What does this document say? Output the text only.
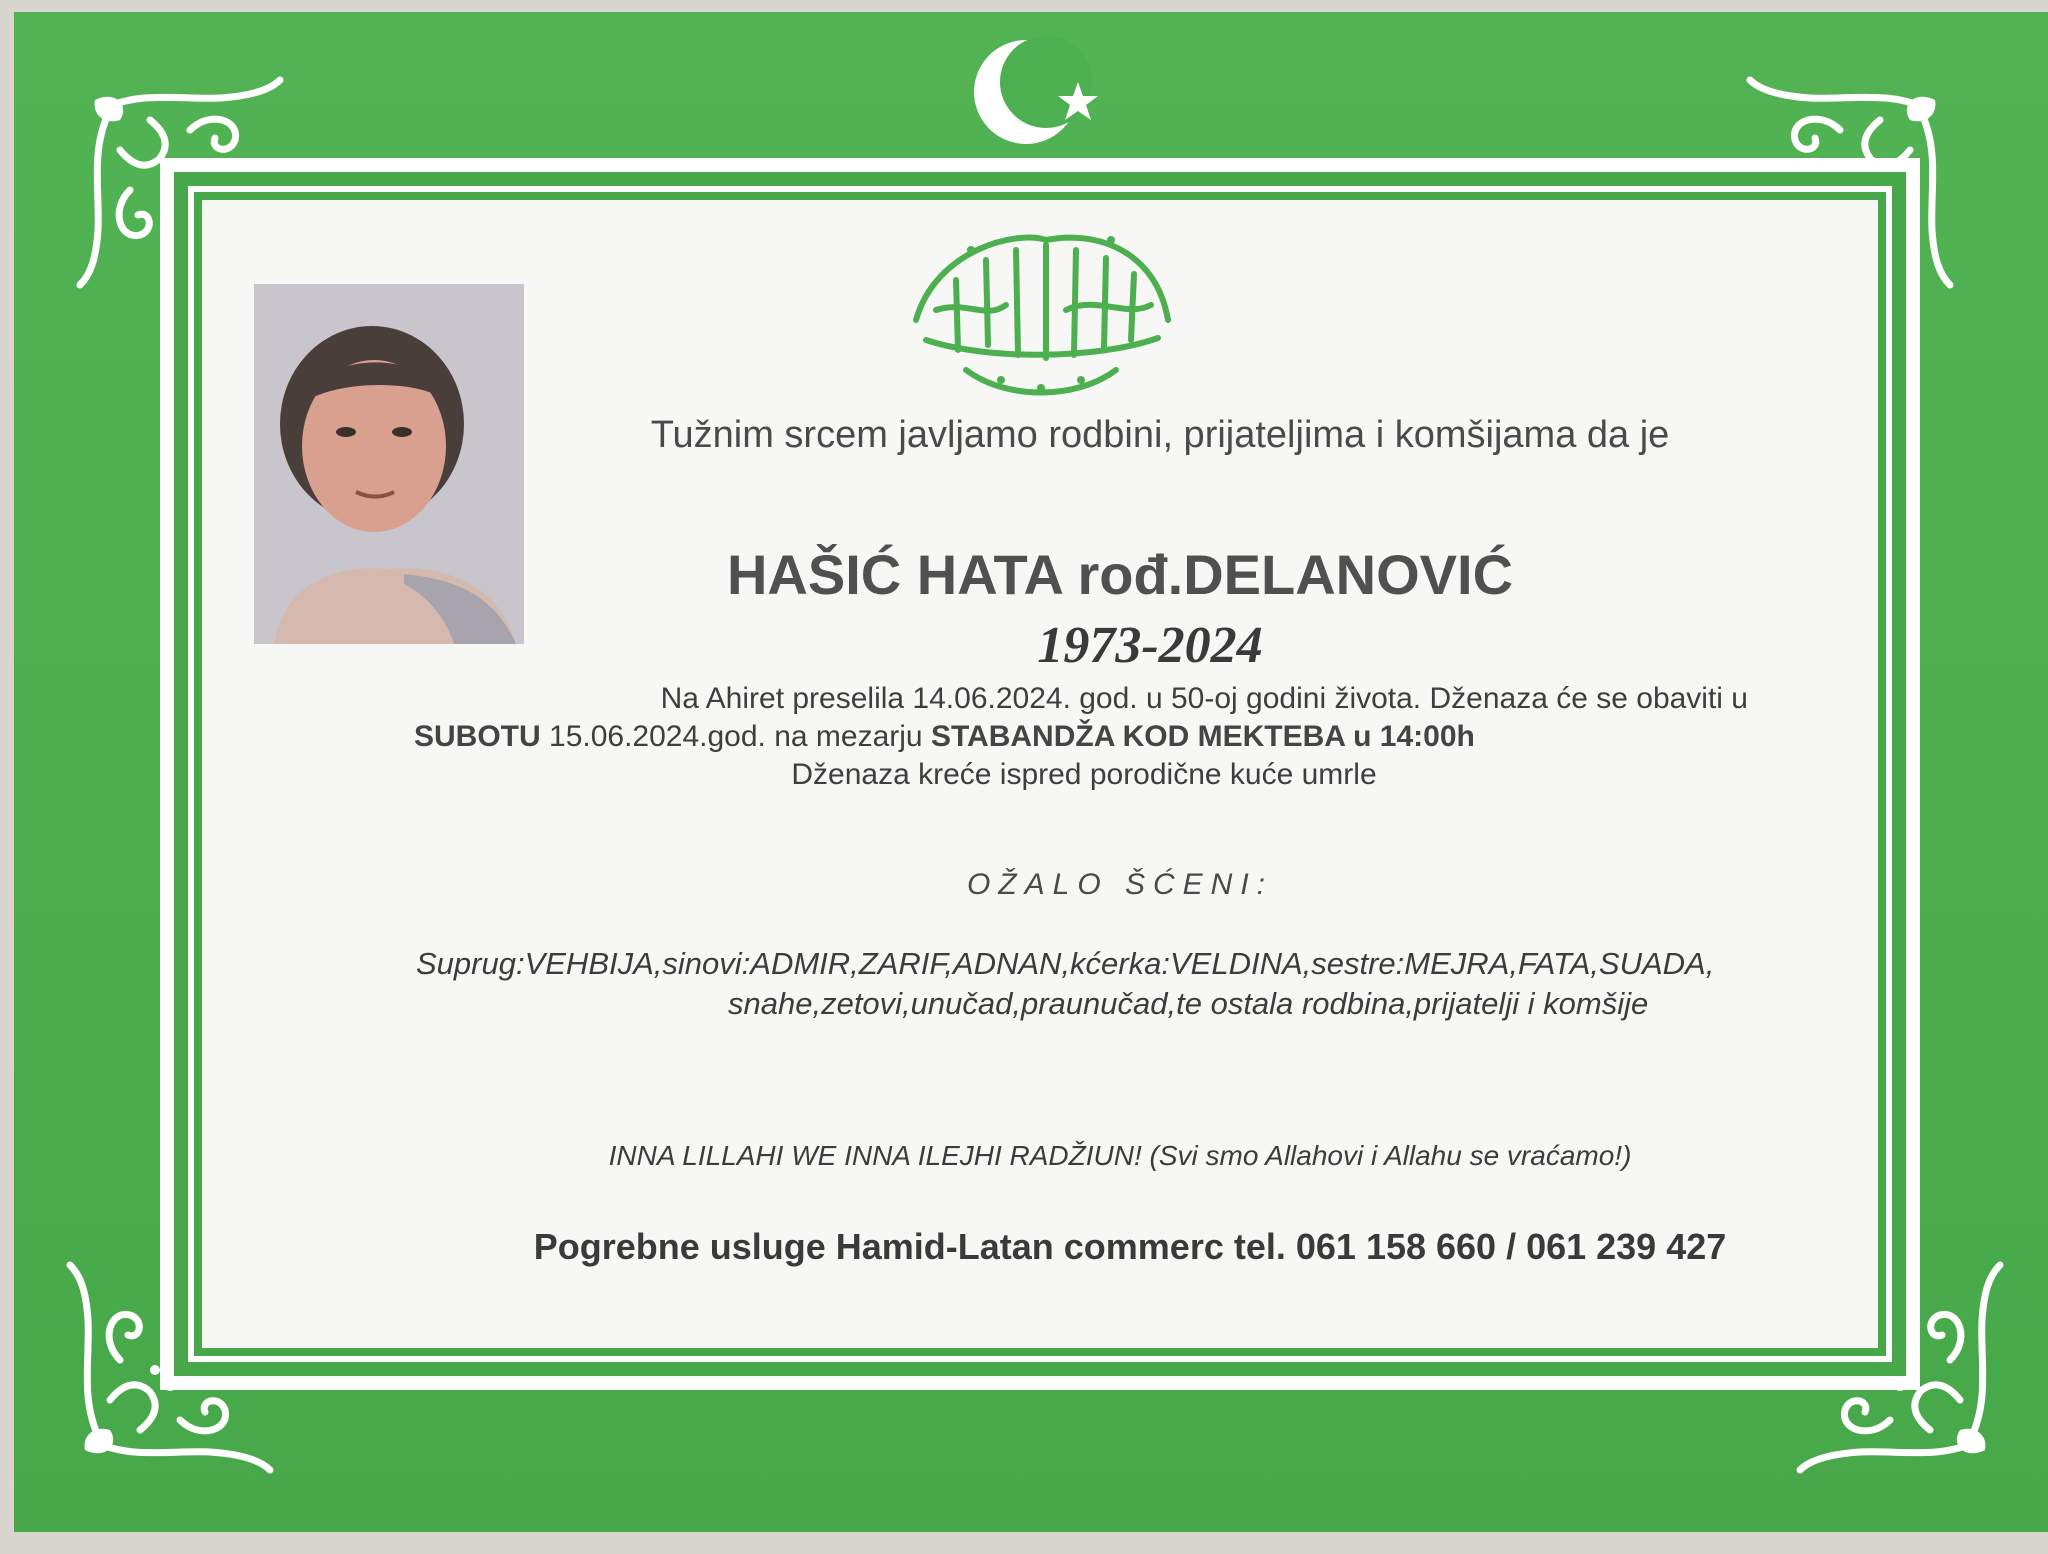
Tužnim srcem javljamo rodbini, prijateljima i komšijama da je

HAŠIĆ HATA rođ.DELANOVIĆ

1973-2024

Na Ahiret preselila 14.06.2024. god. u 50-oj godini života. Dženaza će se obaviti u
SUBOTU 15.06.2024.god. na mezarju STABANDŽA KOD MEKTEBA u 14:00h
Dženaza kreće ispred porodične kuće umrle

OŽALO ŠĆENI:

Suprug:VEHBIJA,sinovi:ADMIR,ZARIF,ADNAN,kćerka:VELDINA,sestre:MEJRA,FATA,SUADA,
snahe,zetovi,unučad,praunučad,te ostala rodbina,prijatelji i komšije

INNA LILLAHI WE INNA ILEJHI RADŽIUN! (Svi smo Allahovi i Allahu se vraćamo!)

Pogrebne usluge Hamid-Latan commerc tel. 061 158 660 / 061 239 427
